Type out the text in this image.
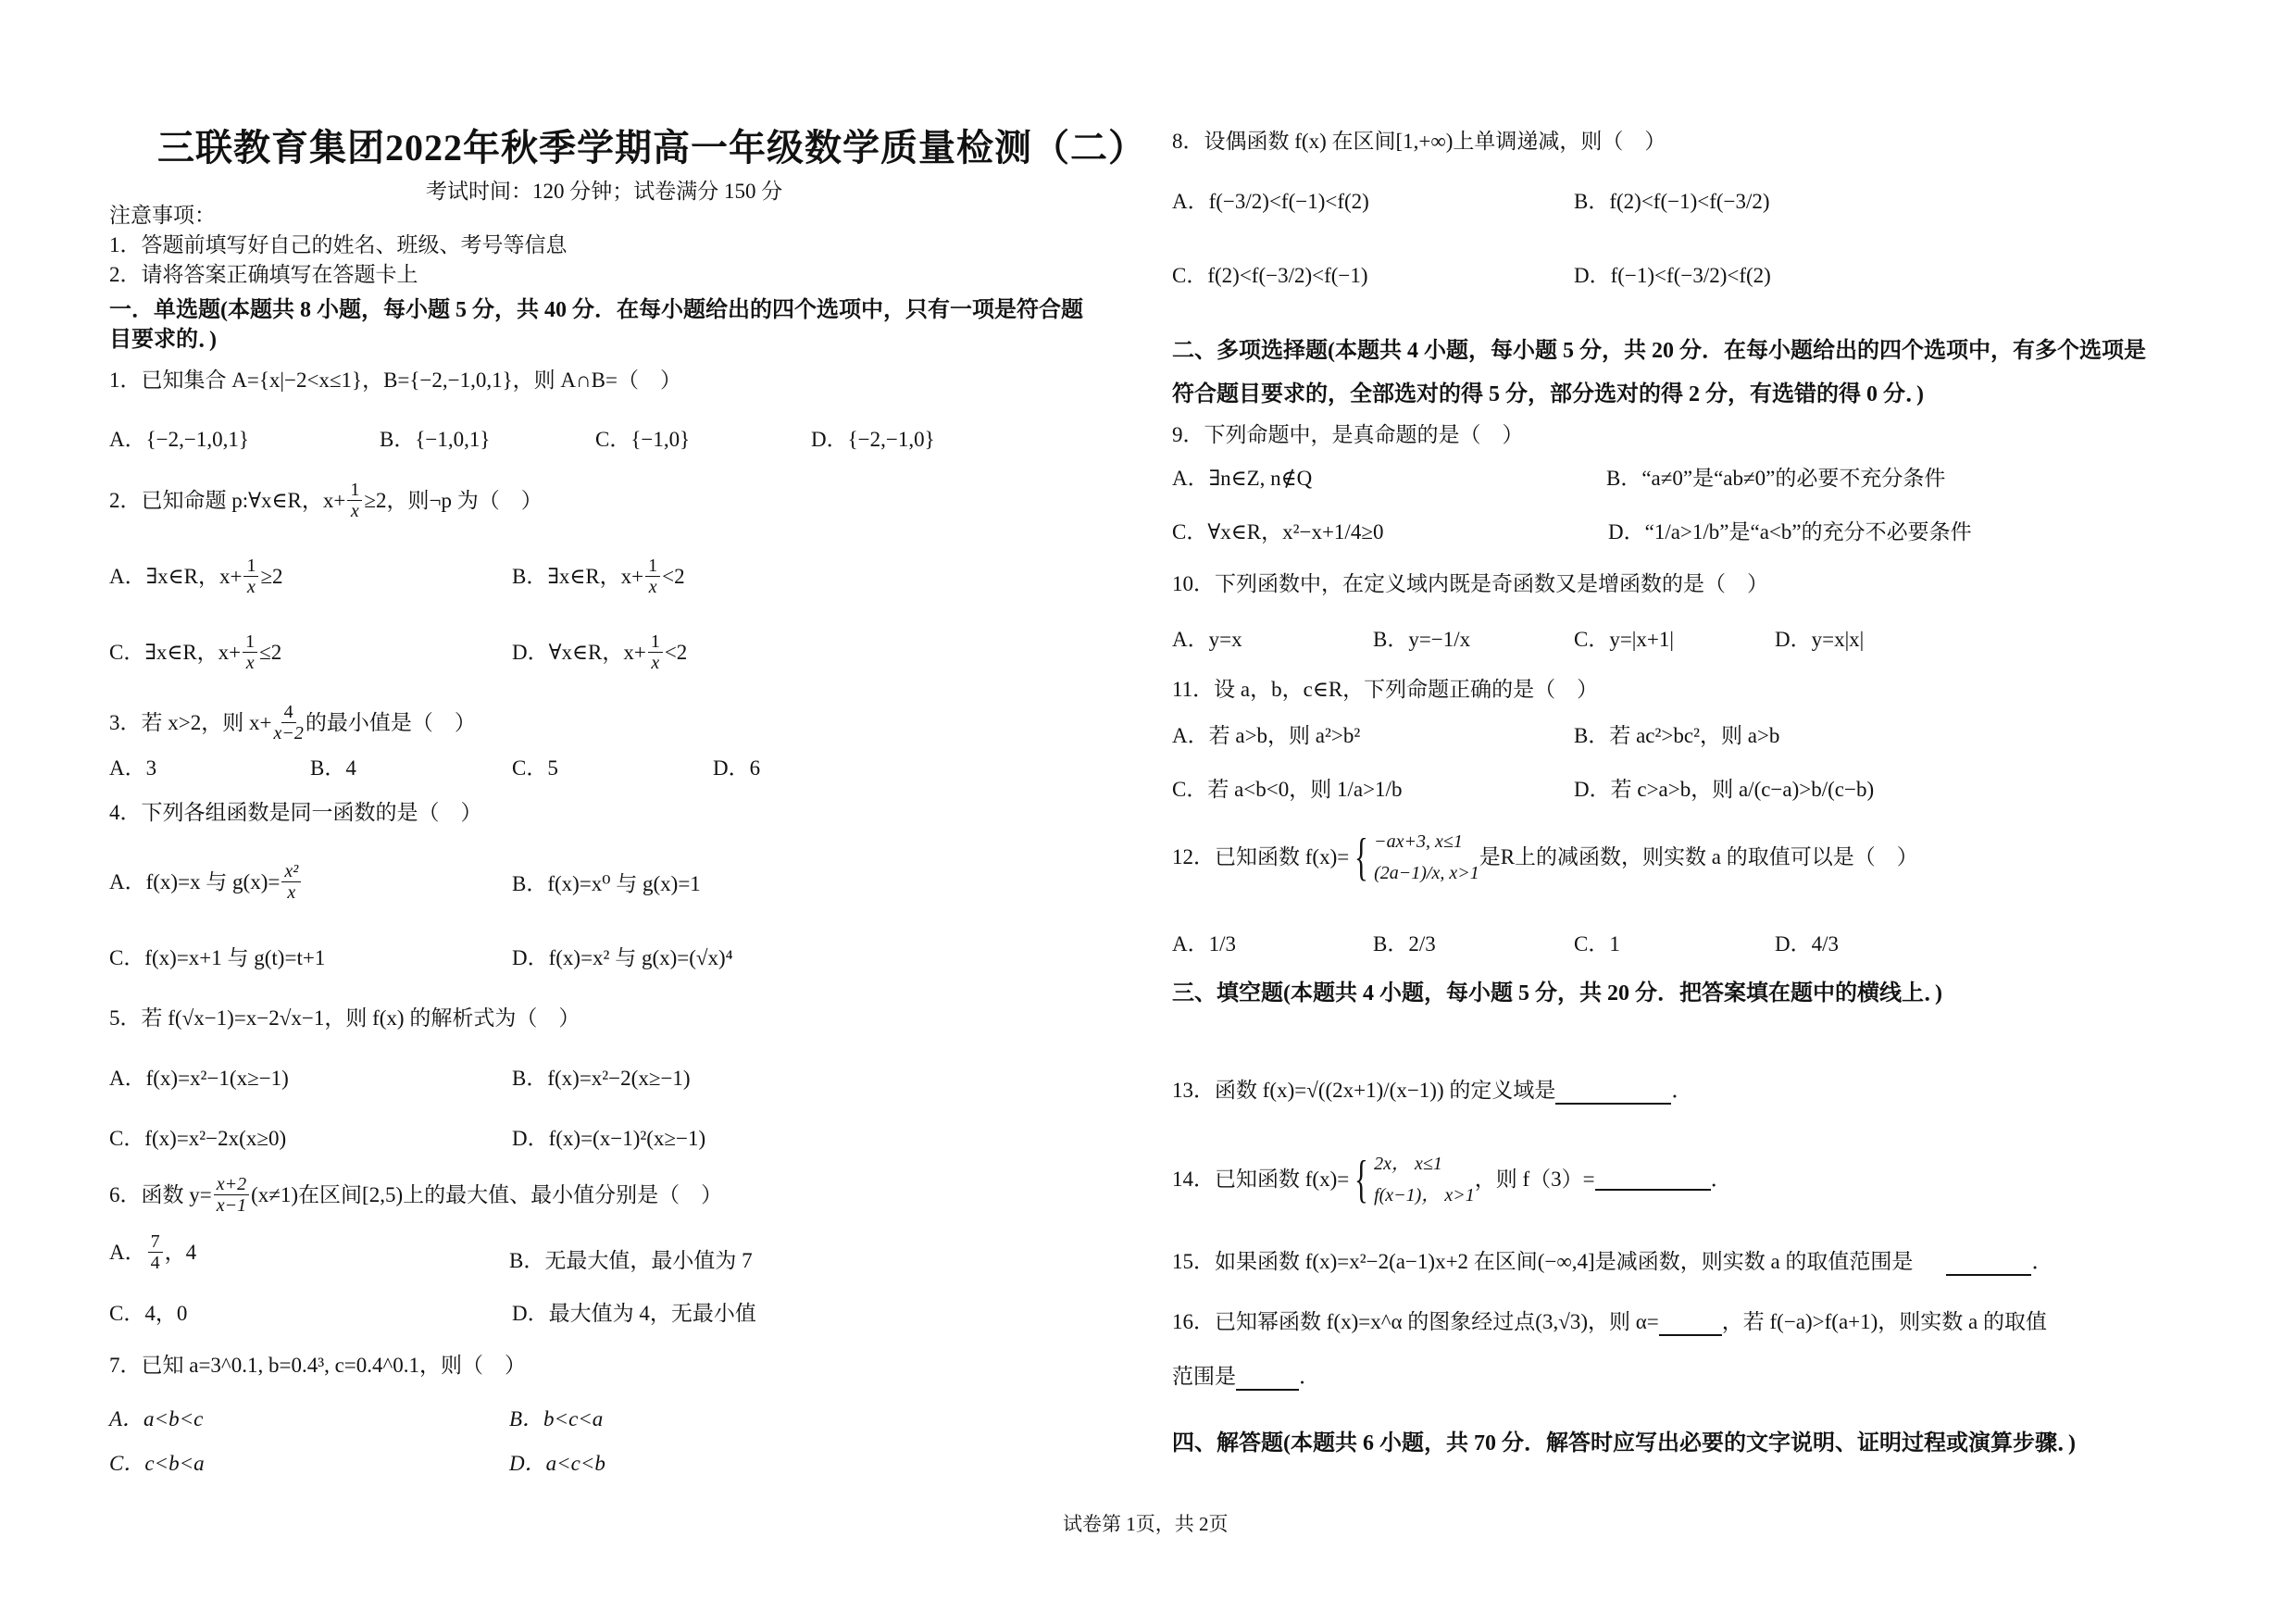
三联教育集团2022年秋季学期高一年级数学质量检测（二）
考试时间：120 分钟；试卷满分 150 分
注意事项：
1．答题前填写好自己的姓名、班级、考号等信息
2．请将答案正确填写在答题卡上
一．单选题(本题共 8 小题，每小题 5 分，共 40 分．在每小题给出的四个选项中，只有一项是符合题
目要求的．)
1．已知集合 A={x|−2<x≤1}，B={−2,−1,0,1}，则 A∩B=（　）
A．{−2,−1,0,1}	B．{−1,0,1}	C．{−1,0}	D．{−2,−1,0}
2．已知命题 p:∀x∈R，$x+ \frac{1}{x} \ge 2$，则¬p 为（　）
A．∃x∈R，$x+ \frac{1}{x} \ge 2$	B．∃x∈R，$x+ \frac{1}{x} <2$
C．∃x∈R，$x+ \frac{1}{x} \le 2$	D．∀x∈R，$x+ \frac{1}{x} <2$
3．若 x>2，则 $x+ \frac{4}{x-2}$ 的最小值是（　）
A．3	B．4	C．5	D．6
4．下列各组函数是同一函数的是（　）
A．f(x)=x 与 $g(x)= \frac{\text{x²}}{x}$	B．f(x)=x⁰ 与 g(x)=1
C．f(x)=x+1 与 g(t)=t+1	D．f(x)=x² 与 g(x)=(√x)⁴
5．若 f(√x−1)=x−2√x−1，则 f(x) 的解析式为（　）
A．f(x)=x²−1(x≥−1)	B．f(x)=x²−2(x≥−1)
C．f(x)=x²−2x(x≥0)	D．f(x)=(x−1)²(x≥−1)
6．函数 $y= \frac{x+2}{x-1} (x\ne 1)$在区间[2,5)上的最大值、最小值分别是（　）
A． $\frac{7}{4}$ ，4	B．无最大值，最小值为 7
C．4，0	D．最大值为 4，无最小值
7．已知 a=3^0.1, b=0.4³, c=0.4^0.1，则（　）
A．a<b<c	B．b<c<a
C．c<b<a	D．a<c<b
8．设偶函数 f(x) 在区间[1,+∞)上单调递减，则（　）
A．f(−3/2)<f(−1)<f(2)	B．f(2)<f(−1)<f(−3/2)
C．f(2)<f(−3/2)<f(−1)	D．f(−1)<f(−3/2)<f(2)
二、多项选择题(本题共 4 小题，每小题 5 分，共 20 分．在每小题给出的四个选项中，有多个选项是
符合题目要求的，全部选对的得 5 分，部分选对的得 2 分，有选错的得 0 分．)
9．下列命题中，是真命题的是（　）
A．∃n∈Z, n∉Q	B．“a≠0”是“ab≠0”的必要不充分条件
C．∀x∈R，x²−x+1/4≥0	D．“1/a>1/b”是“a<b”的充分不必要条件
10．下列函数中，在定义域内既是奇函数又是增函数的是（　）
A．y=x	B．y=−1/x	C．y=|x+1|	D．y=x|x|
11．设 a，b，c∈R，下列命题正确的是（　）
A．若 a>b，则 a²>b²	B．若 ac²>bc²，则 a>b
C．若 a<b<0，则 1/a>1/b	D．若 c>a>b，则 a/(c−a)>b/(c−b)
12．已知函数 f(x)= { −ax+3, x≤1
(2a−1)/x, x>1
是R上的减函数，则实数 a 的取值可以是（　）
A．1/3	B．2/3	C．1	D．4/3
三、填空题(本题共 4 小题，每小题 5 分，共 20 分．把答案填在题中的横线上．)
13．函数 f(x)=√((2x+1)/(x−1)) 的定义域是	．
14．已知函数 f(x)= { 2x， x≤1
f(x−1)， x>1
，则 f（3）=	．
15．如果函数 f(x)=x²−2(a−1)x+2 在区间(−∞,4]是减函数，则实数 a 的取值范围是	．
16．已知幂函数 f(x)=x^α 的图象经过点(3,√3)，则 α=	，若 f(−a)>f(a+1)，则实数 a 的取值
范围是	．
四、解答题(本题共 6 小题，共 70 分．解答时应写出必要的文字说明、证明过程或演算步骤．)
试卷第 1页，共 2页
